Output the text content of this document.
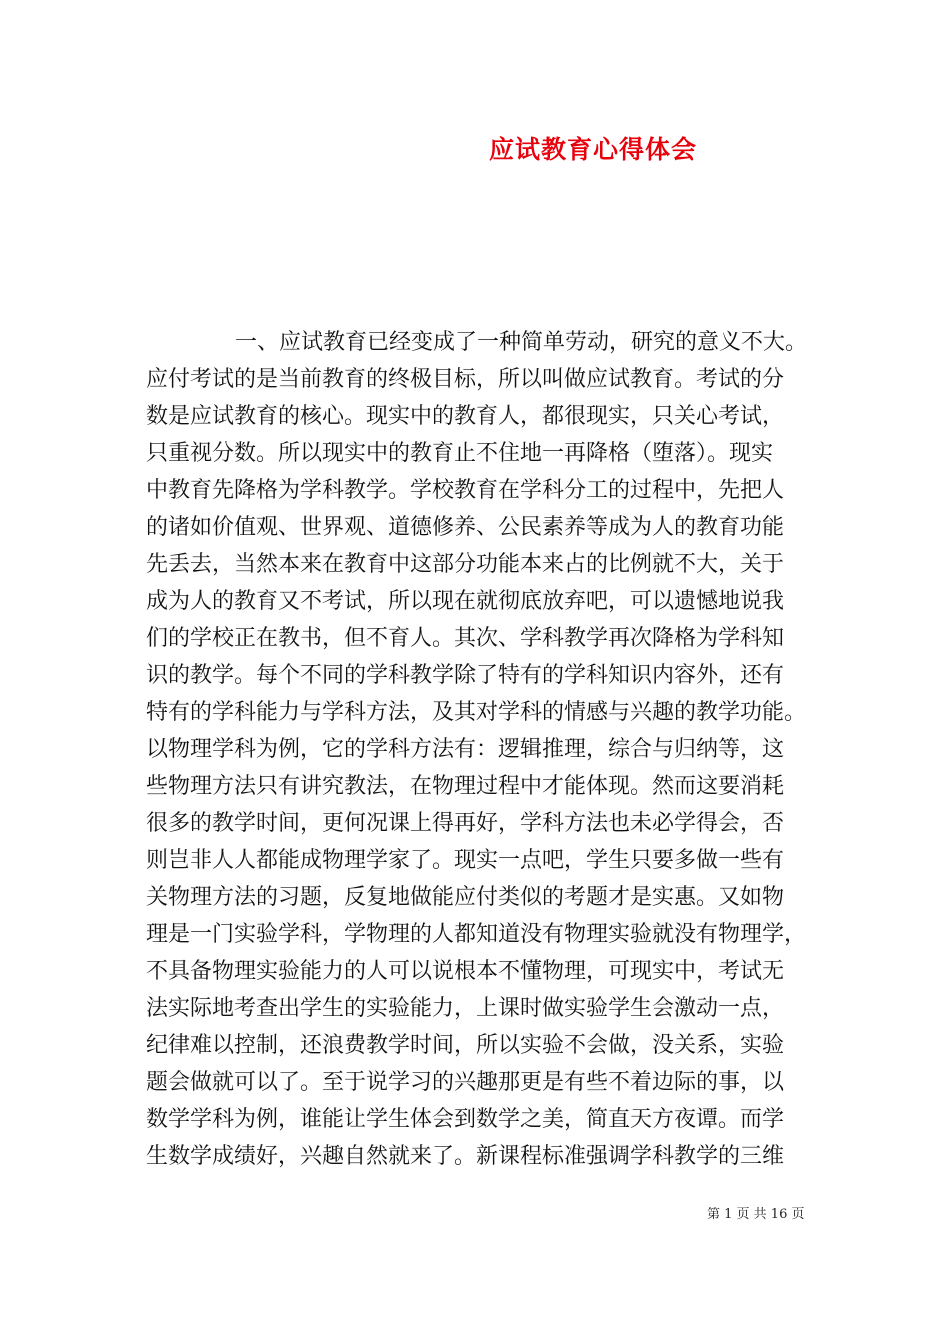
应试教育心得体会
一、应试教育已经变成了一种简单劳动，研究的意义不大。
应付考试的是当前教育的终极目标，所以叫做应试教育。考试的分
数是应试教育的核心。现实中的教育人，都很现实，只关心考试，
只重视分数。所以现实中的教育止不住地一再降格（堕落）。现实
中教育先降格为学科教学。学校教育在学科分工的过程中，先把人
的诸如价值观、世界观、道德修养、公民素养等成为人的教育功能
先丢去，当然本来在教育中这部分功能本来占的比例就不大，关于
成为人的教育又不考试，所以现在就彻底放弃吧，可以遗憾地说我
们的学校正在教书，但不育人。其次、学科教学再次降格为学科知
识的教学。每个不同的学科教学除了特有的学科知识内容外，还有
特有的学科能力与学科方法，及其对学科的情感与兴趣的教学功能。
以物理学科为例，它的学科方法有：逻辑推理，综合与归纳等，这
些物理方法只有讲究教法，在物理过程中才能体现。然而这要消耗
很多的教学时间，更何况课上得再好，学科方法也未必学得会，否
则岂非人人都能成物理学家了。现实一点吧，学生只要多做一些有
关物理方法的习题，反复地做能应付类似的考题才是实惠。又如物
理是一门实验学科，学物理的人都知道没有物理实验就没有物理学，
不具备物理实验能力的人可以说根本不懂物理，可现实中，考试无
法实际地考查出学生的实验能力，上课时做实验学生会激动一点，
纪律难以控制，还浪费教学时间，所以实验不会做，没关系，实验
题会做就可以了。至于说学习的兴趣那更是有些不着边际的事，以
数学学科为例，谁能让学生体会到数学之美，简直天方夜谭。而学
生数学成绩好，兴趣自然就来了。新课程标准强调学科教学的三维
第 1 页 共 16 页
